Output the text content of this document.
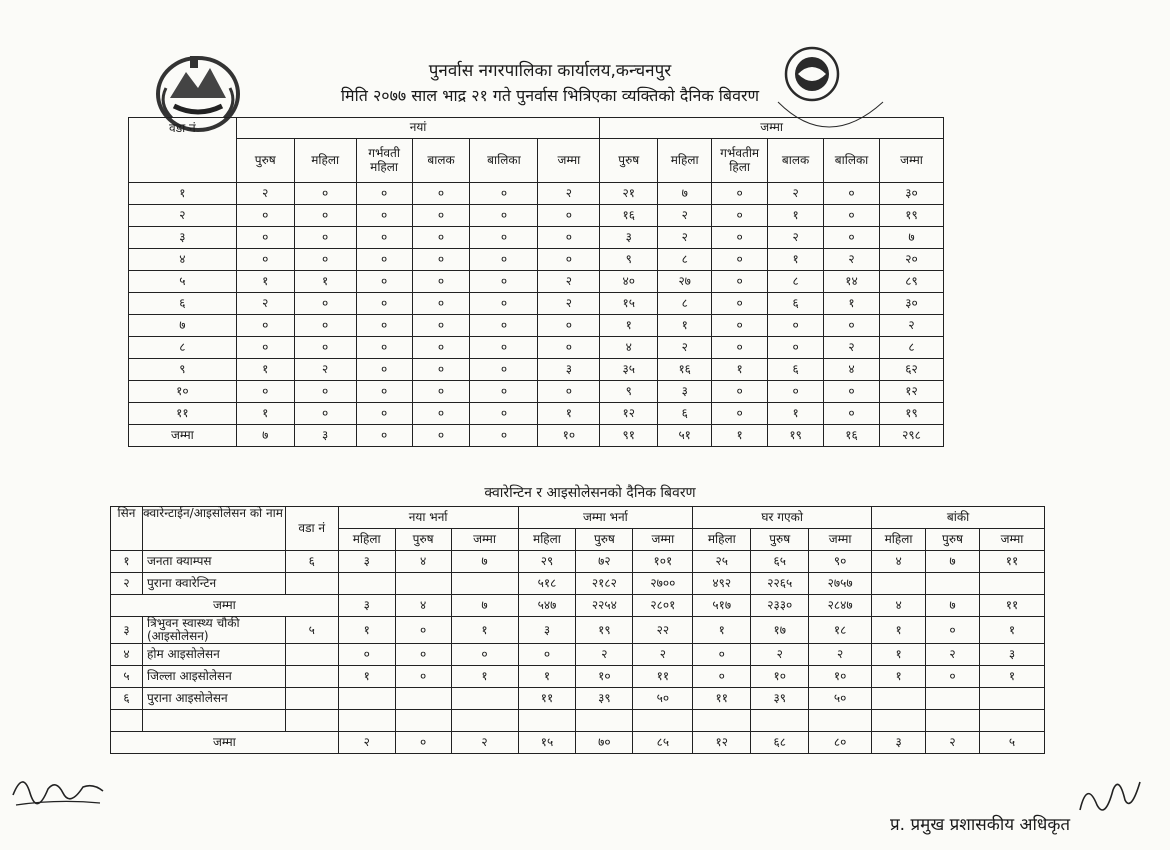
पुनर्वास नगरपालिका कार्यालय,कन्चनपुर
मिति २०७७ साल भाद्र २१ गते पुनर्वास भित्रिएका व्यक्तिको दैनिक बिवरण
वडा नं	नयां						जम्मा					
	पुरुष	महिला	गर्भवती महिला	बालक	बालिका	जम्मा	पुरुष	महिला	गर्भवतीम हिला	बालक	बालिका	जम्मा
१	२	०	०	०	०	२	२१	७	०	२	०	३०
२	०	०	०	०	०	०	१६	२	०	१	०	१९
३	०	०	०	०	०	०	३	२	०	२	०	७
४	०	०	०	०	०	०	९	८	०	१	२	२०
५	१	१	०	०	०	२	४०	२७	०	८	१४	८९
६	२	०	०	०	०	२	१५	८	०	६	१	३०
७	०	०	०	०	०	०	१	१	०	०	०	२
८	०	०	०	०	०	०	४	२	०	०	२	८
९	१	२	०	०	०	३	३५	१६	१	६	४	६२
१०	०	०	०	०	०	०	९	३	०	०	०	१२
११	१	०	०	०	०	१	१२	६	०	१	०	१९
जम्मा	७	३	०	०	०	१०	९१	५१	१	१९	१६	२९८
क्वारेन्टिन र आइसोलेसनको दैनिक बिवरण
सिन	क्वारेन्टाईन/आइसोलेसन को नाम	वडा नं	नया भर्ना			जम्मा भर्ना			घर गएको			बांकी		
			महिला	पुरुष	जम्मा	महिला	पुरुष	जम्मा	महिला	पुरुष	जम्मा	महिला	पुरुष	जम्मा
१	जनता क्याम्पस	६	३	४	७	२९	७२	१०१	२५	६५	९०	४	७	११
२	पुराना क्वारेन्टिन					५१८	२१८२	२७००	४९२	२२६५	२७५७			
जम्मा			३	४	७	५४७	२२५४	२८०१	५१७	२३३०	२८४७	४	७	११
३	त्रिभुवन स्वास्थ्य चौकी (आइसोलेसन)	५	१	०	१	३	१९	२२	१	१७	१८	१	०	१
४	होम आइसोलेसन		०	०	०	०	२	२	०	२	२	१	२	३
५	जिल्ला आइसोलेसन		१	०	१	१	१०	११	०	१०	१०	१	०	१
६	पुराना आइसोलेसन					११	३९	५०	११	३९	५०			

जम्मा			२	०	२	१५	७०	८५	१२	६८	८०	३	२	५
प्र. प्रमुख प्रशासकीय अधिकृत
